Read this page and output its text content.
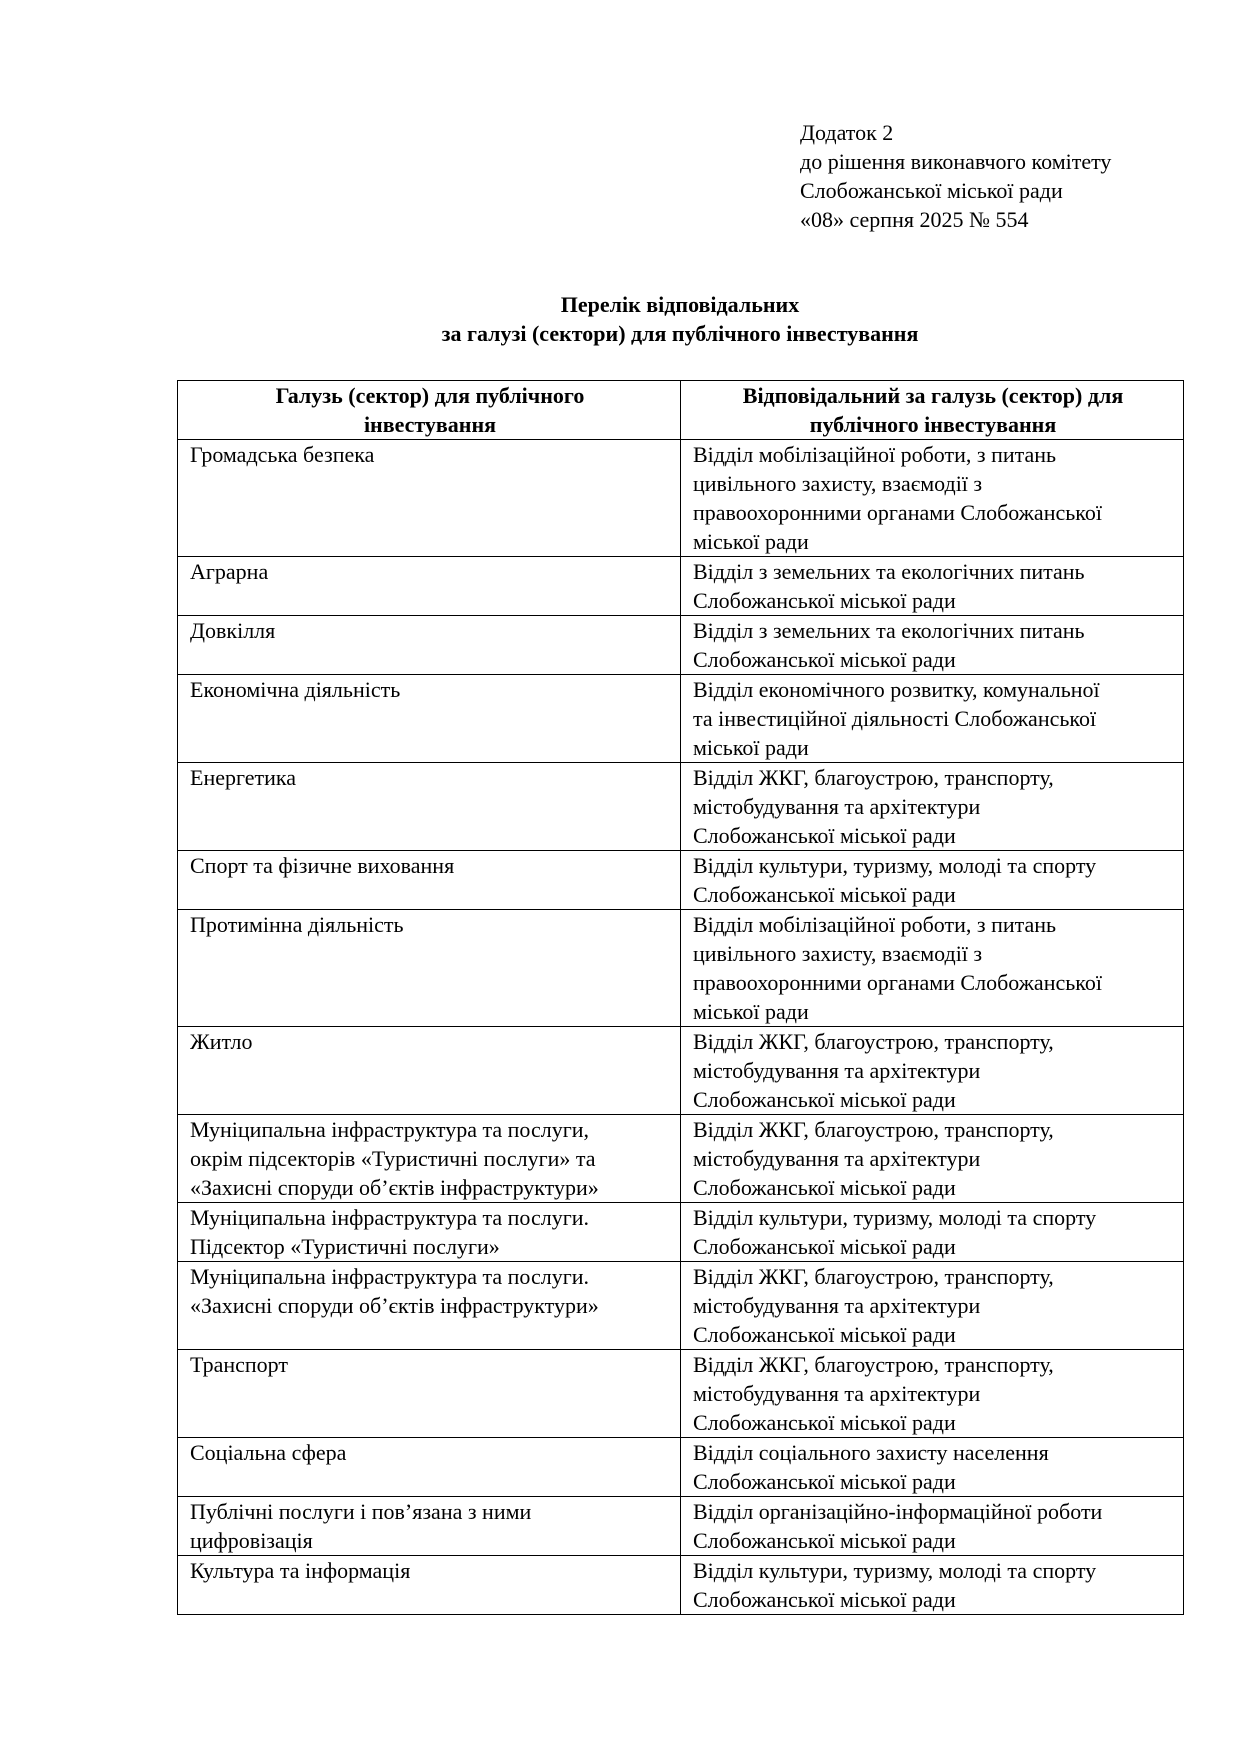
Додаток 2
до рішення виконавчого комітету
Слобожанської міської ради
«08» серпня 2025 № 554
Перелік відповідальних
за галузі (сектори) для публічного інвестування
Галузь (сектор) для публічного
інвестування	Відповідальний за галузь (сектор) для
публічного інвестування

Громадська безпека	Відділ мобілізаційної роботи, з питань
цивільного захисту, взаємодії з
правоохоронними органами Слобожанської
міської ради

Аграрна	Відділ з земельних та екологічних питань
Слобожанської міської ради

Довкілля	Відділ з земельних та екологічних питань
Слобожанської міської ради

Економічна діяльність	Відділ економічного розвитку, комунальної
та інвестиційної діяльності Слобожанської
міської ради

Енергетика	Відділ ЖКГ, благоустрою, транспорту,
містобудування та архітектури
Слобожанської міської ради

Спорт та фізичне виховання	Відділ культури, туризму, молоді та спорту
Слобожанської міської ради

Протимінна діяльність	Відділ мобілізаційної роботи, з питань
цивільного захисту, взаємодії з
правоохоронними органами Слобожанської
міської ради

Житло	Відділ ЖКГ, благоустрою, транспорту,
містобудування та архітектури
Слобожанської міської ради

Муніципальна інфраструктура та послуги,
окрім підсекторів «Туристичні послуги» та
«Захисні споруди об’єктів інфраструктури»	Відділ ЖКГ, благоустрою, транспорту,
містобудування та архітектури
Слобожанської міської ради

Муніципальна інфраструктура та послуги.
Підсектор «Туристичні послуги»	Відділ культури, туризму, молоді та спорту
Слобожанської міської ради

Муніципальна інфраструктура та послуги.
«Захисні споруди об’єктів інфраструктури»	Відділ ЖКГ, благоустрою, транспорту,
містобудування та архітектури
Слобожанської міської ради

Транспорт	Відділ ЖКГ, благоустрою, транспорту,
містобудування та архітектури
Слобожанської міської ради

Соціальна сфера	Відділ соціального захисту населення
Слобожанської міської ради

Публічні послуги і пов’язана з ними
цифровізація	Відділ організаційно-інформаційної роботи
Слобожанської міської ради

Культура та інформація	Відділ культури, туризму, молоді та спорту
Слобожанської міської ради
